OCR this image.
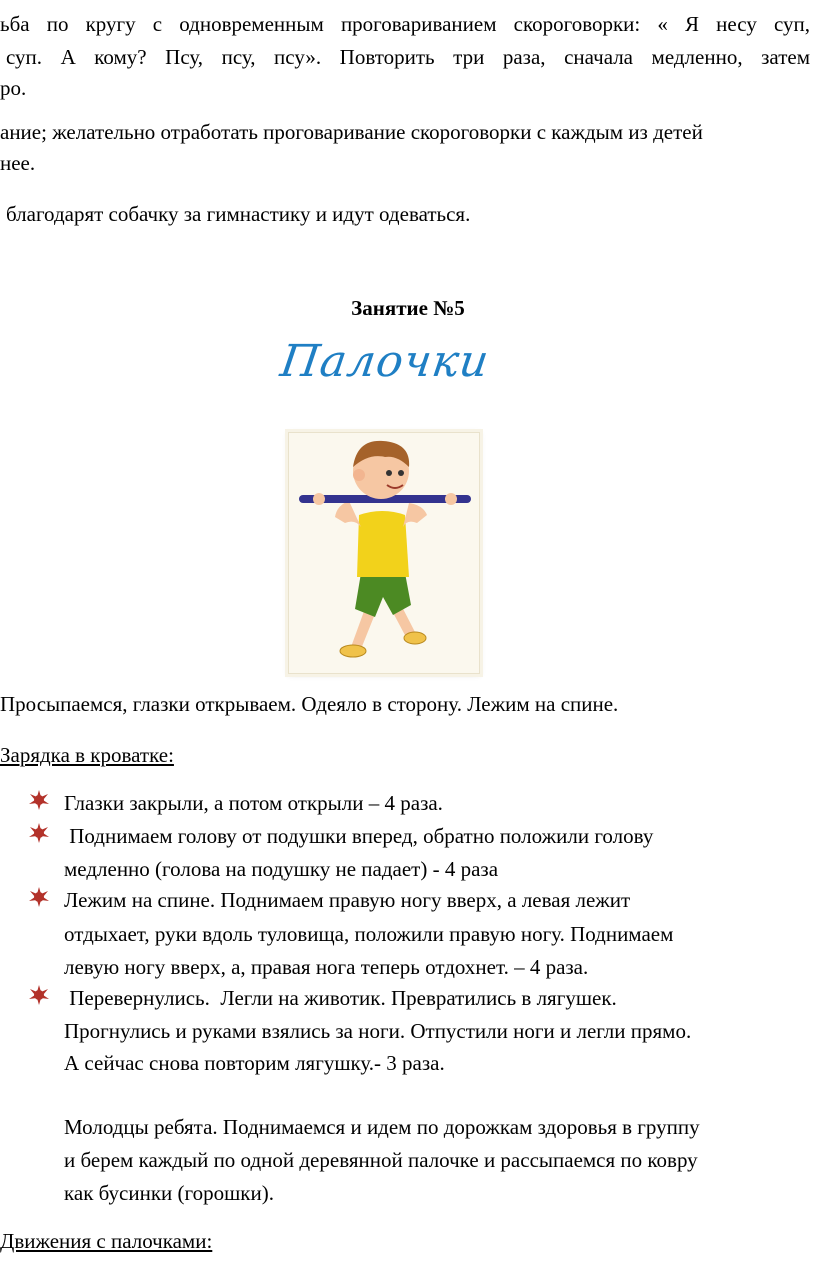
ьба по кругу с одновременным проговариванием скороговорки: « Я несу суп,
суп. А кому? Псу, псу, псу». Повторить три раза, сначала медленно, затем
ро.
ание; желательно отработать проговаривание скороговорки с каждым из детей
нее.
благодарят собачку за гимнастику и идут одеваться.
Занятие №5
Палочки
Просыпаемся, глазки открываем. Одеяло в сторону. Лежим на спине.
Зарядка в кроватке:
Глазки закрыли, а потом открыли – 4 раза.
Поднимаем голову от подушки вперед, обратно положили голову
медленно (голова на подушку не падает) - 4 раза
Лежим на спине. Поднимаем правую ногу вверх, а левая лежит
отдыхает, руки вдоль туловища, положили правую ногу. Поднимаем
левую ногу вверх, а, правая нога теперь отдохнет. – 4 раза.
Перевернулись.  Легли на животик. Превратились в лягушек.
Прогнулись и руками взялись за ноги. Отпустили ноги и легли прямо.
А сейчас снова повторим лягушку.- 3 раза.
Молодцы ребята. Поднимаемся и идем по дорожкам здоровья в группу
и берем каждый по одной деревянной палочке и рассыпаемся по ковру
как бусинки (горошки).
Движения с палочками:
